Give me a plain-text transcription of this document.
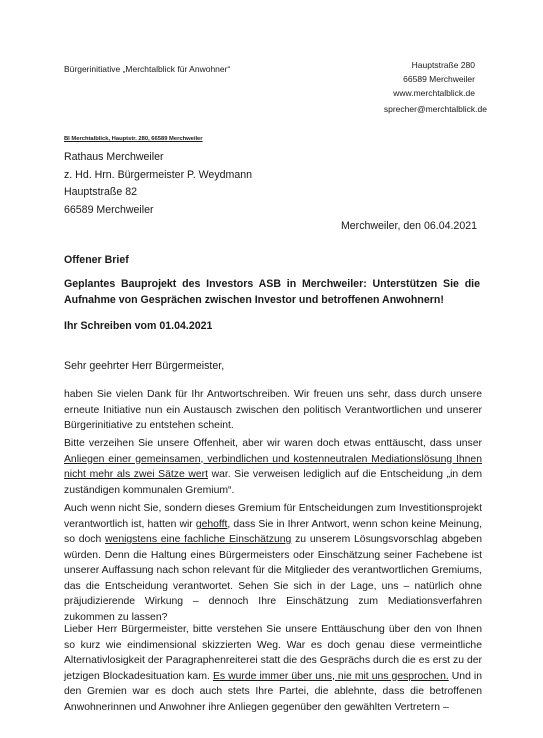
Bürgerinitiative „Merchtalblick für Anwohner“	Hauptstraße 280
66589 Merchweiler
www.merchtalblick.de
sprecher@merchtalblick.de
BI Merchtalblick, Hauptstr. 280, 66589 Merchweiler
Rathaus Merchweiler
z. Hd. Hrn. Bürgermeister P. Weydmann
Hauptstraße 82
66589 Merchweiler
Merchweiler, den 06.04.2021
Offener Brief
Geplantes Bauprojekt des Investors ASB in Merchweiler: Unterstützen Sie die Aufnahme von Gesprächen zwischen Investor und betroffenen Anwohnern!
Ihr Schreiben vom 01.04.2021
Sehr geehrter Herr Bürgermeister,
haben Sie vielen Dank für Ihr Antwortschreiben. Wir freuen uns sehr, dass durch unsere erneute Initiative nun ein Austausch zwischen den politisch Verantwortlichen und unserer Bürgerinitiative zu entstehen scheint.
Bitte verzeihen Sie unsere Offenheit, aber wir waren doch etwas enttäuscht, dass unser Anliegen einer gemeinsamen, verbindlichen und kostenneutralen Mediationslösung Ihnen nicht mehr als zwei Sätze wert war. Sie verweisen lediglich auf die Entscheidung „in dem zuständigen kommunalen Gremium“.
Auch wenn nicht Sie, sondern dieses Gremium für Entscheidungen zum Investitionsprojekt verantwortlich ist, hatten wir gehofft, dass Sie in Ihrer Antwort, wenn schon keine Meinung, so doch wenigstens eine fachliche Einschätzung zu unserem Lösungsvorschlag abgeben würden. Denn die Haltung eines Bürgermeisters oder Einschätzung seiner Fachebene ist unserer Auffassung nach schon relevant für die Mitglieder des verantwortlichen Gremiums, das die Entscheidung verantwortet. Sehen Sie sich in der Lage, uns – natürlich ohne präjudizierende Wirkung – dennoch Ihre Einschätzung zum Mediationsverfahren zukommen zu lassen?
Lieber Herr Bürgermeister, bitte verstehen Sie unsere Enttäuschung über den von Ihnen so kurz wie eindimensional skizzierten Weg. War es doch genau diese vermeintliche Alternativlosigkeit der Paragraphenreiterei statt die des Gesprächs durch die es erst zu der jetzigen Blockadesituation kam. Es wurde immer über uns, nie mit uns gesprochen. Und in den Gremien war es doch auch stets Ihre Partei, die ablehnte, dass die betroffenen Anwohnerinnen und Anwohner ihre Anliegen gegenüber den gewählten Vertretern –
